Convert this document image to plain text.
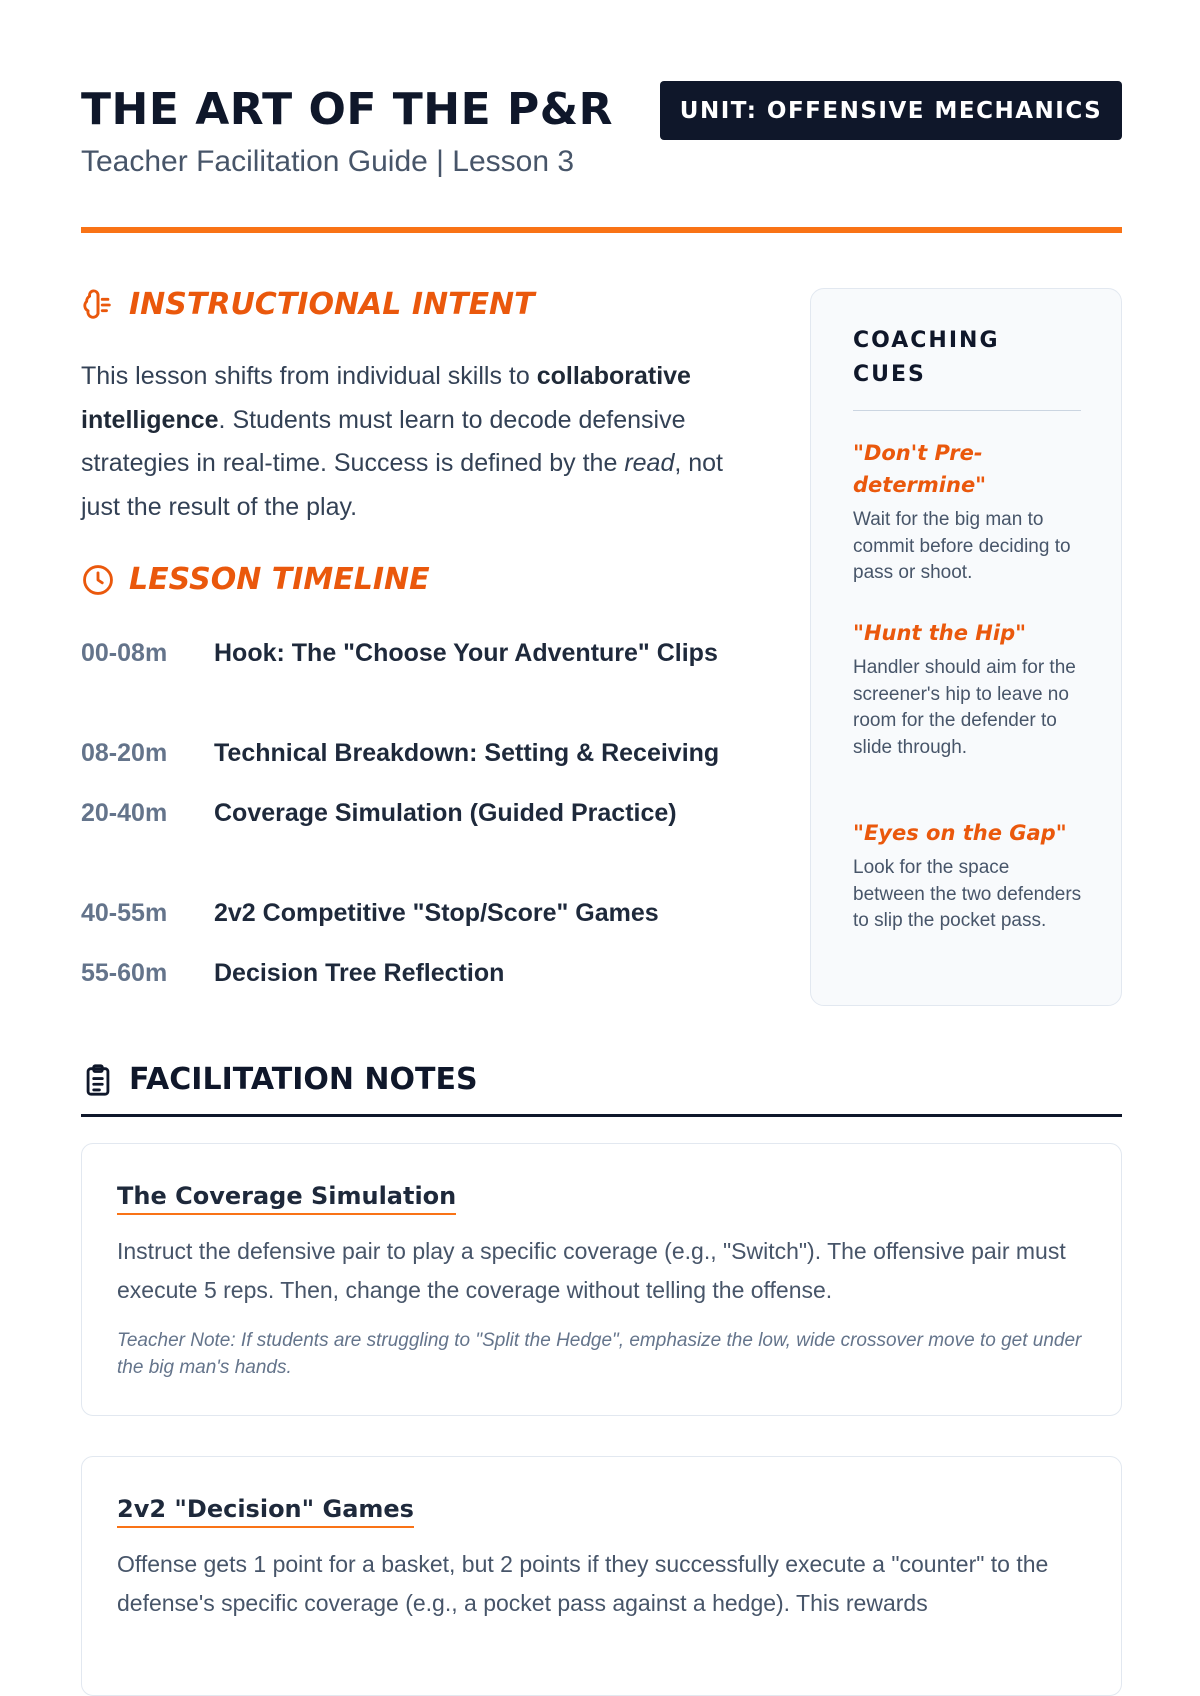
THE ART OF THE P&R	UNIT: OFFENSIVE MECHANICS
Teacher Facilitation Guide | Lesson 3
INSTRUCTIONAL INTENT
This lesson shifts from individual skills to collaborative intelligence. Students must learn to decode defensive strategies in real-time. Success is defined by the read, not just the result of the play.
LESSON TIMELINE
00-08m	Hook: The "Choose Your Adventure" Clips
08-20m	Technical Breakdown: Setting & Receiving
20-40m	Coverage Simulation (Guided Practice)
40-55m	2v2 Competitive "Stop/Score" Games
55-60m	Decision Tree Reflection
COACHING CUES
"Don't Pre-determine"
Wait for the big man to commit before deciding to pass or shoot.
"Hunt the Hip"
Handler should aim for the screener's hip to leave no room for the defender to slide through.
"Eyes on the Gap"
Look for the space between the two defenders to slip the pocket pass.
FACILITATION NOTES
The Coverage Simulation
Instruct the defensive pair to play a specific coverage (e.g., "Switch"). The offensive pair must execute 5 reps. Then, change the coverage without telling the offense.
Teacher Note: If students are struggling to "Split the Hedge", emphasize the low, wide crossover move to get under the big man's hands.
2v2 "Decision" Games
Offense gets 1 point for a basket, but 2 points if they successfully execute a "counter" to the defense's specific coverage (e.g., a pocket pass against a hedge). This rewards
